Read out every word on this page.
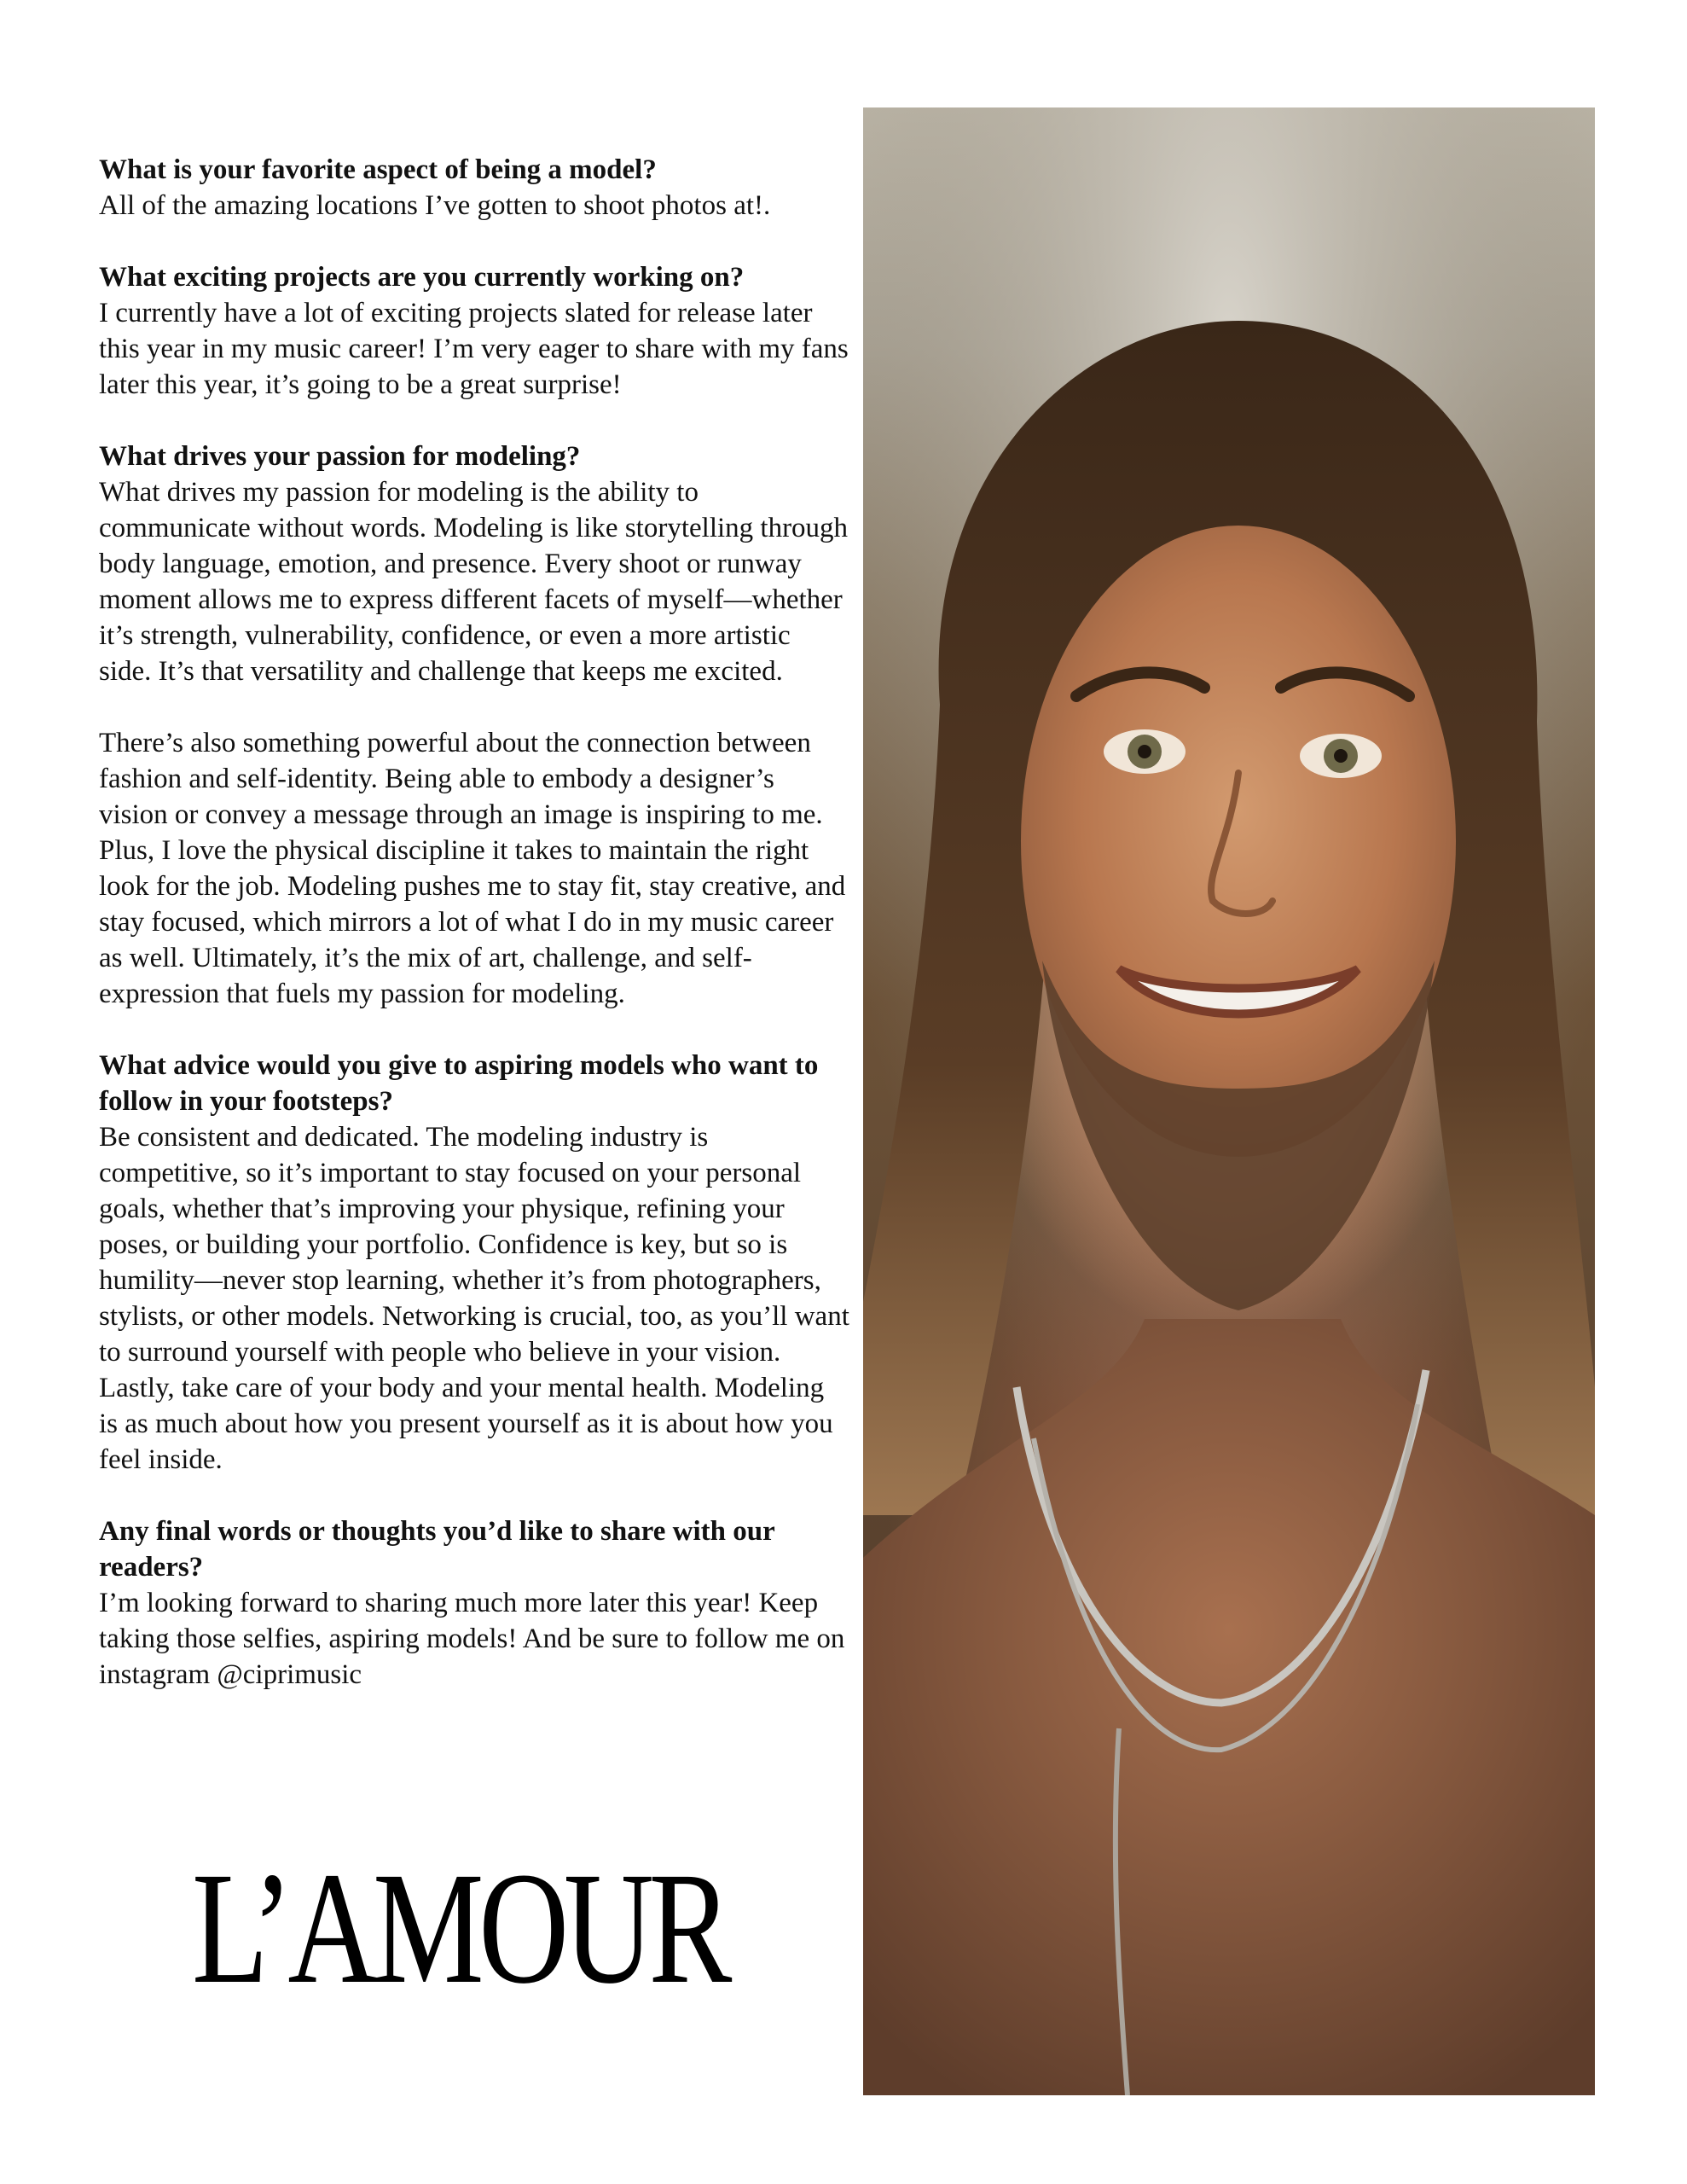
What is your favorite aspect of being a model?
All of the amazing locations I’ve gotten to shoot photos at!.
What exciting projects are you currently working on?
I currently have a lot of exciting projects slated for release later this year in my music career! I’m very eager to share with my fans later this year, it’s going to be a great surprise!
What drives your passion for modeling?
What drives my passion for modeling is the ability to communicate without words. Modeling is like storytelling through body language, emotion, and presence. Every shoot or runway moment allows me to express different facets of myself—whether it’s strength, vulnerability, confidence, or even a more artistic side. It’s that versatility and challenge that keeps me excited.
There’s also something powerful about the connection between fashion and self-identity. Being able to embody a designer’s vision or convey a message through an image is inspiring to me. Plus, I love the physical discipline it takes to maintain the right look for the job. Modeling pushes me to stay fit, stay creative, and stay focused, which mirrors a lot of what I do in my music career as well. Ultimately, it’s the mix of art, challenge, and self-expression that fuels my passion for modeling.
What advice would you give to aspiring models who want to follow in your footsteps?
Be consistent and dedicated. The modeling industry is competitive, so it’s important to stay focused on your personal goals, whether that’s improving your physique, refining your poses, or building your portfolio. Confidence is key, but so is humility—never stop learning, whether it’s from photographers, stylists, or other models. Networking is crucial, too, as you’ll want to surround yourself with people who believe in your vision. Lastly, take care of your body and your mental health. Modeling is as much about how you present yourself as it is about how you feel inside.
Any final words or thoughts you’d like to share with our readers?
I’m looking forward to sharing much more later this year! Keep taking those selfies, aspiring models! And be sure to follow me on instagram @ciprimusic
L’AMOUR
